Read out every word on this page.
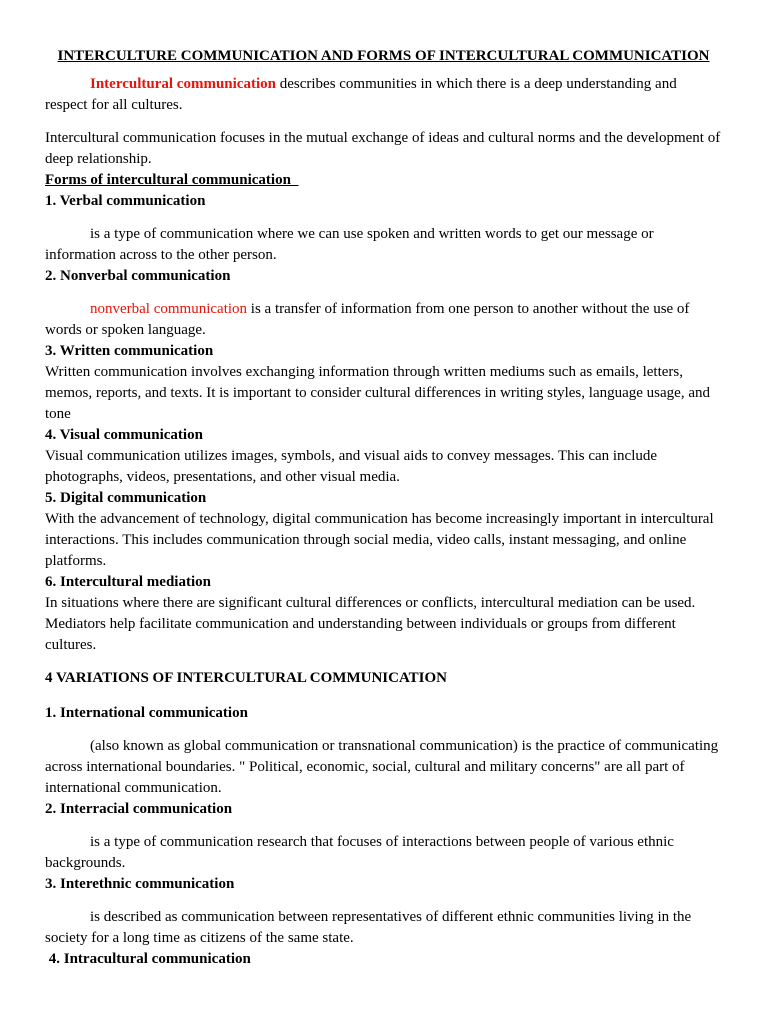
INTERCULTURE COMMUNICATION AND FORMS OF INTERCULTURAL COMMUNICATION

Intercultural communication describes communities in which there is a deep understanding and respect for all cultures.

Intercultural communication focuses in the mutual exchange of ideas and cultural norms and the development of deep relationship.

Forms of intercultural communication

1. Verbal communication

is a type of communication where we can use spoken and written words to get our message or information across to the other person.

2. Nonverbal communication

nonverbal communication is a transfer of information from one person to another without the use of words or spoken language.

3. Written communication

Written communication involves exchanging information through written mediums such as emails, letters, memos, reports, and texts. It is important to consider cultural differences in writing styles, language usage, and tone

4. Visual communication

Visual communication utilizes images, symbols, and visual aids to convey messages. This can include photographs, videos, presentations, and other visual media.

5. Digital communication

With the advancement of technology, digital communication has become increasingly important in intercultural interactions. This includes communication through social media, video calls, instant messaging, and online platforms.

6. Intercultural mediation

In situations where there are significant cultural differences or conflicts, intercultural mediation can be used. Mediators help facilitate communication and understanding between individuals or groups from different cultures.

4 VARIATIONS OF INTERCULTURAL COMMUNICATION

1. International communication

(also known as global communication or transnational communication) is the practice of communicating across international boundaries. " Political, economic, social, cultural and military concerns" are all part of international communication.

2. Interracial communication

is a type of communication research that focuses of interactions between people of various ethnic backgrounds.

3. Interethnic communication

is described as communication between representatives of different ethnic communities living in the society for a long time as citizens of the same state.

4. Intracultural communication
